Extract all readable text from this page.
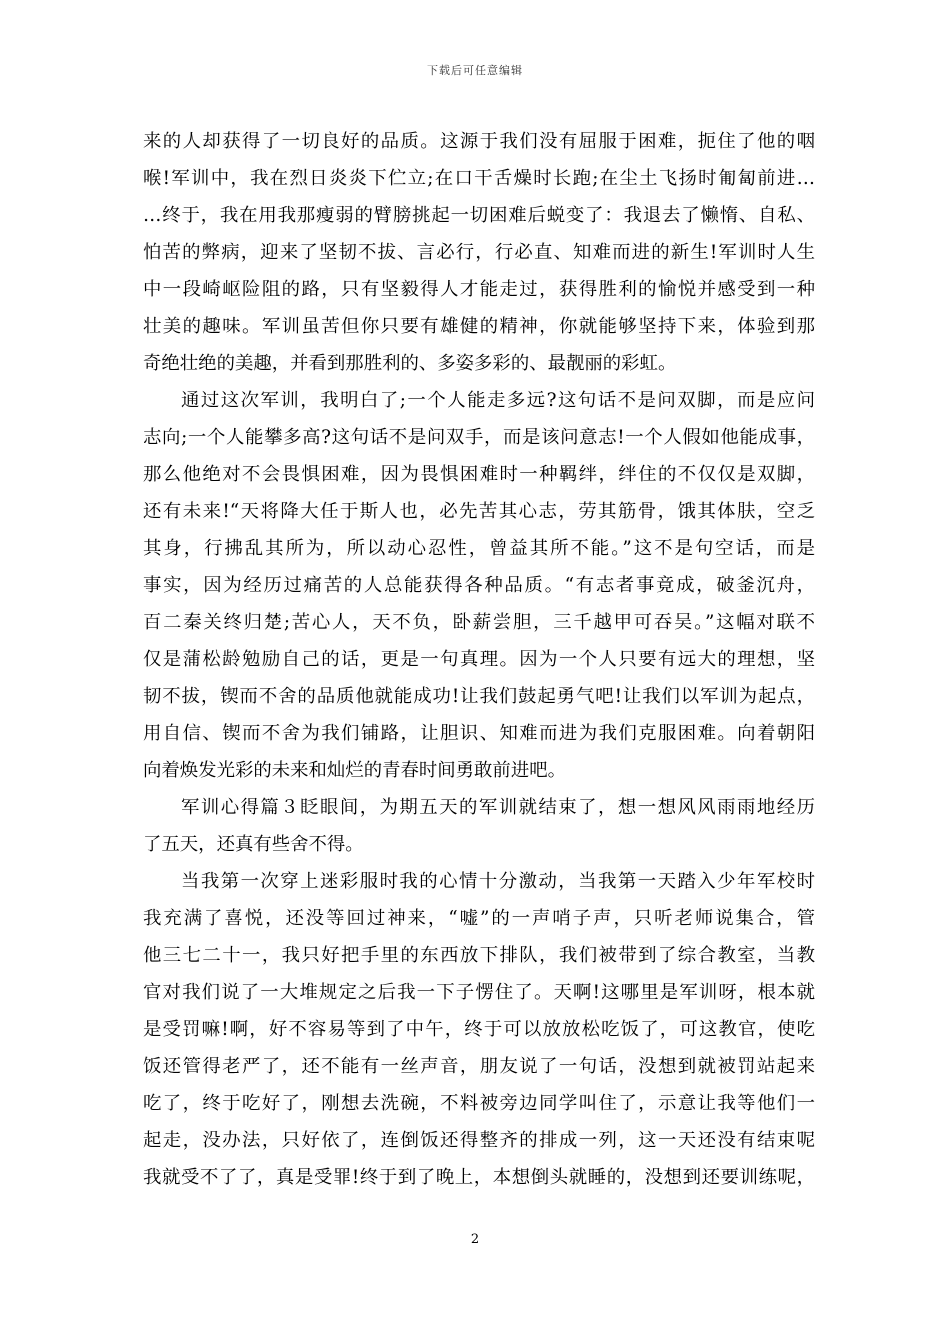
下载后可任意编辑
来的人却获得了一切良好的品质。这源于我们没有屈服于困难，扼住了他的咽
喉!军训中，我在烈日炎炎下伫立;在口干舌燥时长跑;在尘土飞扬时匍匐前进…
…终于，我在用我那瘦弱的臂膀挑起一切困难后蜕变了：我退去了懒惰、自私、
怕苦的弊病，迎来了坚韧不拔、言必行，行必直、知难而进的新生!军训时人生
中一段崎岖险阻的路，只有坚毅得人才能走过，获得胜利的愉悦并感受到一种
壮美的趣味。军训虽苦但你只要有雄健的精神，你就能够坚持下来，体验到那
奇绝壮绝的美趣，并看到那胜利的、多姿多彩的、最靓丽的彩虹。
通过这次军训，我明白了;一个人能走多远?这句话不是问双脚，而是应问
志向;一个人能攀多高?这句话不是问双手，而是该问意志!一个人假如他能成事，
那么他绝对不会畏惧困难，因为畏惧困难时一种羁绊，绊住的不仅仅是双脚，
还有未来!“天将降大任于斯人也，必先苦其心志，劳其筋骨，饿其体肤，空乏
其身，行拂乱其所为，所以动心忍性，曾益其所不能。”这不是句空话，而是
事实，因为经历过痛苦的人总能获得各种品质。“有志者事竟成，破釜沉舟，
百二秦关终归楚;苦心人，天不负，卧薪尝胆，三千越甲可吞吴。”这幅对联不
仅是蒲松龄勉励自己的话，更是一句真理。因为一个人只要有远大的理想，坚
韧不拔，锲而不舍的品质他就能成功!让我们鼓起勇气吧!让我们以军训为起点，
用自信、锲而不舍为我们铺路，让胆识、知难而进为我们克服困难。向着朝阳
向着焕发光彩的未来和灿烂的青春时间勇敢前进吧。
军训心得篇３眨眼间，为期五天的军训就结束了，想一想风风雨雨地经历
了五天，还真有些舍不得。
当我第一次穿上迷彩服时我的心情十分激动，当我第一天踏入少年军校时
我充满了喜悦，还没等回过神来，“嘘”的一声哨子声，只听老师说集合，管
他三七二十一，我只好把手里的东西放下排队，我们被带到了综合教室，当教
官对我们说了一大堆规定之后我一下子愣住了。天啊!这哪里是军训呀，根本就
是受罚嘛!啊，好不容易等到了中午，终于可以放放松吃饭了，可这教官，使吃
饭还管得老严了，还不能有一丝声音，朋友说了一句话，没想到就被罚站起来
吃了，终于吃好了，刚想去洗碗，不料被旁边同学叫住了，示意让我等他们一
起走，没办法，只好依了，连倒饭还得整齐的排成一列，这一天还没有结束呢
我就受不了了，真是受罪!终于到了晚上，本想倒头就睡的，没想到还要训练呢，
2
